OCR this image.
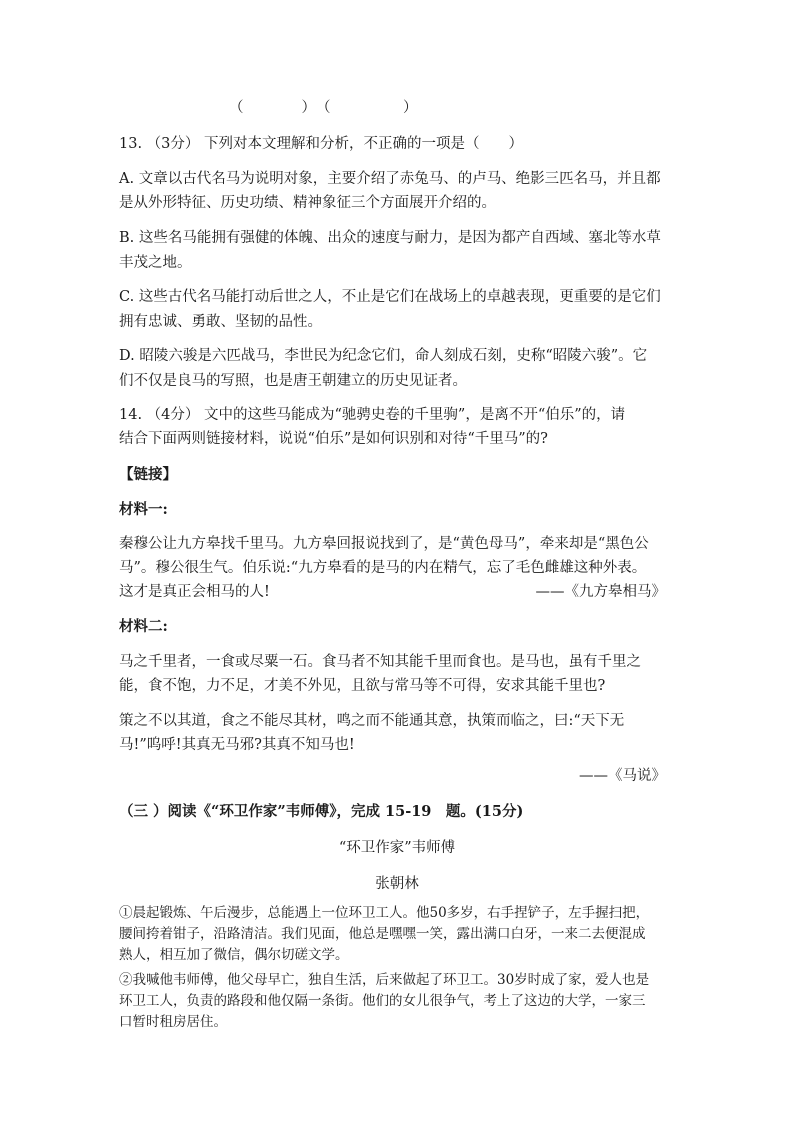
（　　　　）　（　　　　　）
13. （3分） 下列对本文理解和分析，不正确的一项是（　　）
A. 文章以古代名马为说明对象，主要介绍了赤兔马、的卢马、绝影三匹名马，并且都
是从外形特征、历史功绩、精神象征三个方面展开介绍的。
B. 这些名马能拥有强健的体魄、出众的速度与耐力，是因为都产自西域、塞北等水草
丰茂之地。
C. 这些古代名马能打动后世之人，不止是它们在战场上的卓越表现，更重要的是它们
拥有忠诚、勇敢、坚韧的品性。
D. 昭陵六骏是六匹战马，李世民为纪念它们，命人刻成石刻，史称“昭陵六骏”。它
们不仅是良马的写照，也是唐王朝建立的历史见证者。
14. （4分） 文中的这些马能成为“驰骋史卷的千里驹”，是离不开“伯乐”的，请
结合下面两则链接材料，说说“伯乐”是如何识别和对待“千里马”的?
【链接】
材料一:
秦穆公让九方皋找千里马。九方皋回报说找到了，是“黄色母马”，牵来却是“黑色公
马”。穆公很生气。伯乐说:“九方皋看的是马的内在精气，忘了毛色雌雄这种外表。
这才是真正会相马的人!	——《九方皋相马》
材料二:
马之千里者，一食或尽粟一石。食马者不知其能千里而食也。是马也，虽有千里之
能，食不饱，力不足，才美不外见，且欲与常马等不可得，安求其能千里也?
策之不以其道，食之不能尽其材，鸣之而不能通其意，执策而临之，曰:“天下无
马!”呜呼!其真无马邪?其真不知马也!
——《马说》
（三 ）阅读《“环卫作家”韦师傅》，完成 15-19　题。(15分)
“环卫作家”韦师傅
张朝林
①晨起锻炼、午后漫步，总能遇上一位环卫工人。他50多岁，右手捏铲子，左手握扫把，
腰间挎着钳子，沿路清洁。我们见面，他总是嘿嘿一笑，露出满口白牙，一来二去便混成
熟人，相互加了微信，偶尔切磋文学。
②我喊他韦师傅，他父母早亡，独自生活，后来做起了环卫工。30岁时成了家，爱人也是
环卫工人，负责的路段和他仅隔一条街。他们的女儿很争气，考上了这边的大学，一家三
口暂时租房居住。
